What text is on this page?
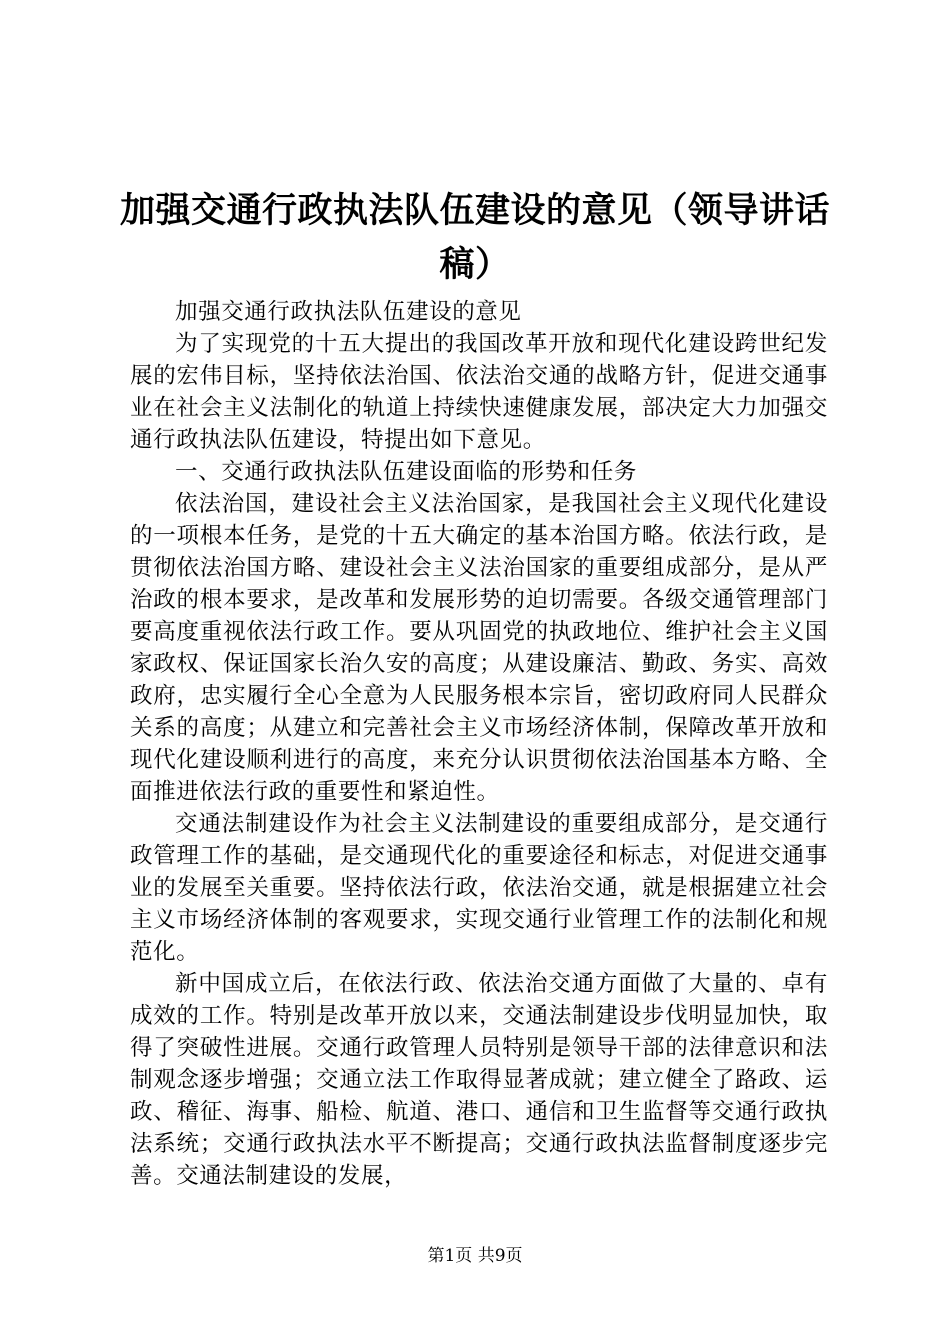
加强交通行政执法队伍建设的意见（领导讲话稿）

加强交通行政执法队伍建设的意见

为了实现党的十五大提出的我国改革开放和现代化建设跨世纪发展的宏伟目标，坚持依法治国、依法治交通的战略方针，促进交通事业在社会主义法制化的轨道上持续快速健康发展，部决定大力加强交通行政执法队伍建设，特提出如下意见。

一、交通行政执法队伍建设面临的形势和任务

依法治国，建设社会主义法治国家，是我国社会主义现代化建设的一项根本任务，是党的十五大确定的基本治国方略。依法行政，是贯彻依法治国方略、建设社会主义法治国家的重要组成部分，是从严治政的根本要求，是改革和发展形势的迫切需要。各级交通管理部门要高度重视依法行政工作。要从巩固党的执政地位、维护社会主义国家政权、保证国家长治久安的高度；从建设廉洁、勤政、务实、高效政府，忠实履行全心全意为人民服务根本宗旨，密切政府同人民群众关系的高度；从建立和完善社会主义市场经济体制，保障改革开放和现代化建设顺利进行的高度，来充分认识贯彻依法治国基本方略、全面推进依法行政的重要性和紧迫性。

交通法制建设作为社会主义法制建设的重要组成部分，是交通行政管理工作的基础，是交通现代化的重要途径和标志，对促进交通事业的发展至关重要。坚持依法行政，依法治交通，就是根据建立社会主义市场经济体制的客观要求，实现交通行业管理工作的法制化和规范化。

新中国成立后，在依法行政、依法治交通方面做了大量的、卓有成效的工作。特别是改革开放以来，交通法制建设步伐明显加快，取得了突破性进展。交通行政管理人员特别是领导干部的法律意识和法制观念逐步增强；交通立法工作取得显著成就；建立健全了路政、运政、稽征、海事、船检、航道、港口、通信和卫生监督等交通行政执法系统；交通行政执法水平不断提高；交通行政执法监督制度逐步完善。交通法制建设的发展，

第1页 共9页
